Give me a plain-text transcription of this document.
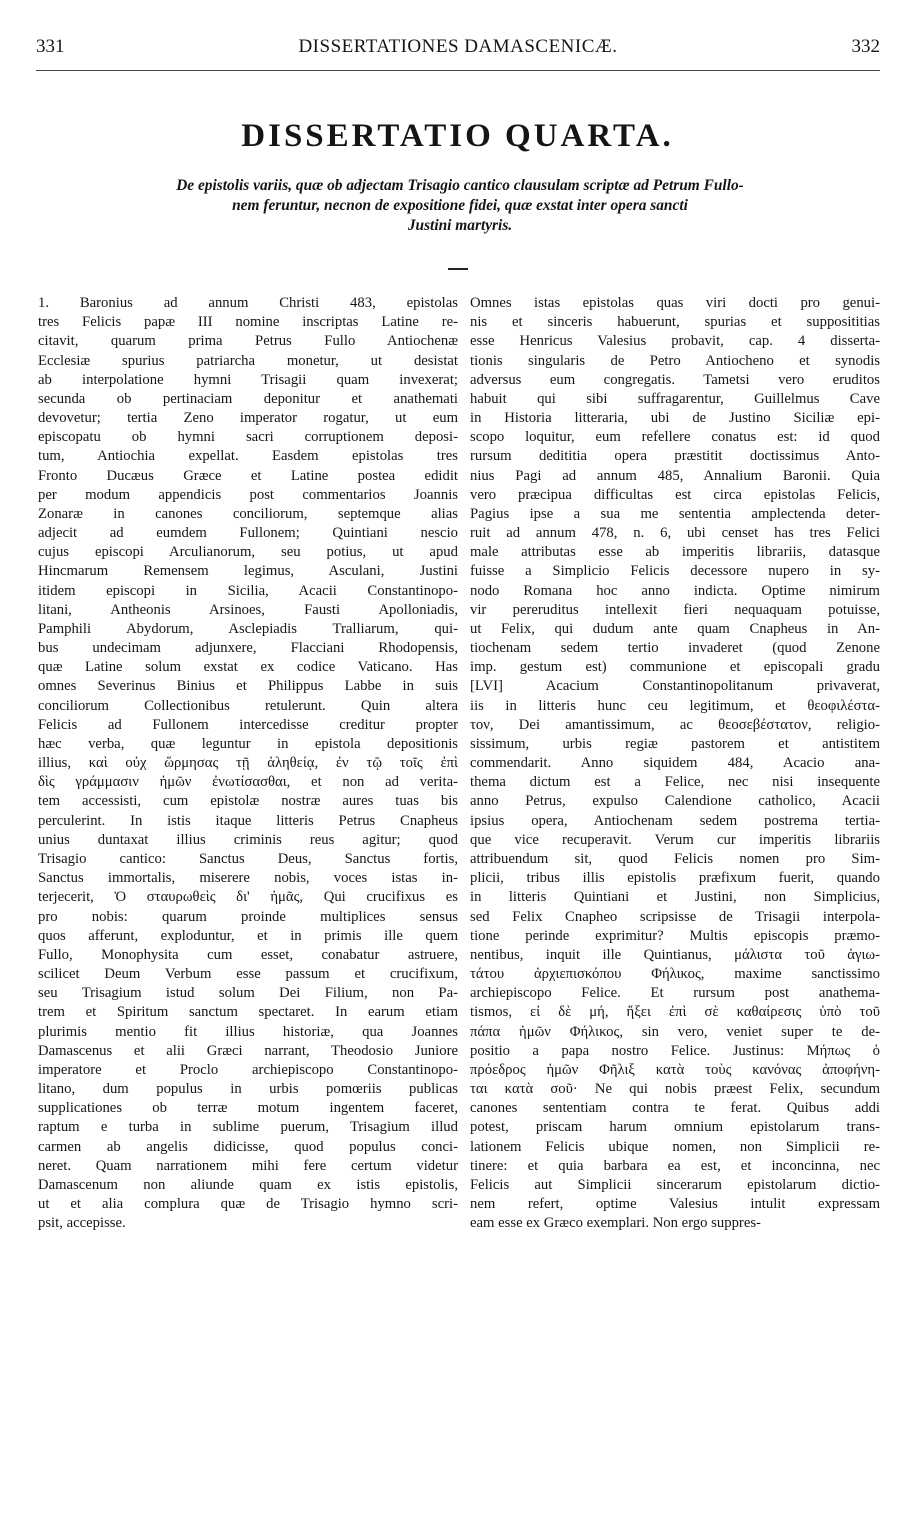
331	DISSERTATIONES DAMASCENICÆ.	332
DISSERTATIO QUARTA.
De epistolis variis, quæ ob adjectam Trisagio cantico clausulam scriptæ ad Petrum Fullo-
nem feruntur, necnon de expositione fidei, quæ exstat inter opera sancti
Justini martyris.
1. Baronius ad annum Christi 483, epistolas
tres Felicis papæ III nomine inscriptas Latine re-
citavit, quarum prima Petrus Fullo Antiochenæ
Ecclesiæ spurius patriarcha monetur, ut desistat
ab interpolatione hymni Trisagii quam invexerat;
secunda ob pertinaciam deponitur et anathemati
devovetur; tertia Zeno imperator rogatur, ut eum
episcopatu ob hymni sacri corruptionem deposi-
tum, Antiochia expellat. Easdem epistolas tres
Fronto Ducæus Græce et Latine postea edidit
per modum appendicis post commentarios Joannis
Zonaræ in canones conciliorum, septemque alias
adjecit ad eumdem Fullonem; Quintiani nescio
cujus episcopi Arculianorum, seu potius, ut apud
Hincmarum Remensem legimus, Asculani, Justini
itidem episcopi in Sicilia, Acacii Constantinopo-
litani, Antheonis Arsinoes, Fausti Apolloniadis,
Pamphili Abydorum, Asclepiadis Tralliarum, qui-
bus undecimam adjunxere, Flacciani Rhodopensis,
quæ Latine solum exstat ex codice Vaticano. Has
omnes Severinus Binius et Philippus Labbe in suis
conciliorum Collectionibus retulerunt. Quin altera
Felicis ad Fullonem intercedisse creditur propter
hæc verba, quæ leguntur in epistola depositionis
illius, καὶ οὐχ ὥρμησας τῇ ἀληθείᾳ, ἐν τῷ τοῖς ἐπὶ
δὶς γράμμασιν ἡμῶν ἐνωτίσασθαι, et non ad verita-
tem accessisti, cum epistolæ nostræ aures tuas bis
perculerint. In istis itaque litteris Petrus Cnapheus
unius duntaxat illius criminis reus agitur; quod
Trisagio cantico: Sanctus Deus, Sanctus fortis,
Sanctus immortalis, miserere nobis, voces istas in-
terjecerit, Ὁ σταυρωθεὶς δι' ἡμᾶς, Qui crucifixus es
pro nobis: quarum proinde multiplices sensus
quos afferunt, exploduntur, et in primis ille quem
Fullo, Monophysita cum esset, conabatur astruere,
scilicet Deum Verbum esse passum et crucifixum,
seu Trisagium istud solum Dei Filium, non Pa-
trem et Spiritum sanctum spectaret. In earum etiam
plurimis mentio fit illius historiæ, qua Joannes
Damascenus et alii Græci narrant, Theodosio Juniore
imperatore et Proclo archiepiscopo Constantinopo-
litano, dum populus in urbis pomœriis publicas
supplicationes ob terræ motum ingentem faceret,
raptum e turba in sublime puerum, Trisagium illud
carmen ab angelis didicisse, quod populus conci-
neret. Quam narrationem mihi fere certum videtur
Damascenum non aliunde quam ex istis epistolis,
ut et alia complura quæ de Trisagio hymno scri-
psit, accepisse.
Omnes istas epistolas quas viri docti pro genui-
nis et sinceris habuerunt, spurias et supposititias
esse Henricus Valesius probavit, cap. 4 disserta-
tionis singularis de Petro Antiocheno et synodis
adversus eum congregatis. Tametsi vero eruditos
habuit qui sibi suffragarentur, Guillelmus Cave
in Historia litteraria, ubi de Justino Siciliæ epi-
scopo loquitur, eum refellere conatus est: id quod
rursum dedititia opera præstitit doctissimus Anto-
nius Pagi ad annum 485, Annalium Baronii. Quia
vero præcipua difficultas est circa epistolas Felicis,
Pagius ipse a sua me sententia amplectenda deter-
ruit ad annum 478, n. 6, ubi censet has tres Felici
male attributas esse ab imperitis librariis, datasque
fuisse a Simplicio Felicis decessore nupero in sy-
nodo Romana hoc anno indicta. Optime nimirum
vir pereruditus intellexit fieri nequaquam potuisse,
ut Felix, qui dudum ante quam Cnapheus in An-
tiochenam sedem tertio invaderet (quod Zenone
imp. gestum est) communione et episcopali gradu
[LVI] Acacium Constantinopolitanum privaverat,
iis in litteris hunc ceu legitimum, et θεοφιλέστα-
τον, Dei amantissimum, ac θεοσεβέστατον, religio-
sissimum, urbis regiæ pastorem et antistitem
commendarit. Anno siquidem 484, Acacio ana-
thema dictum est a Felice, nec nisi insequente
anno Petrus, expulso Calendione catholico, Acacii
ipsius opera, Antiochenam sedem postrema tertia-
que vice recuperavit. Verum cur imperitis librariis
attribuendum sit, quod Felicis nomen pro Sim-
plicii, tribus illis epistolis præfixum fuerit, quando
in litteris Quintiani et Justini, non Simplicius,
sed Felix Cnapheo scripsisse de Trisagii interpola-
tione perinde exprimitur? Multis episcopis præmo-
nentibus, inquit ille Quintianus, μάλιστα τοῦ ἁγιω-
τάτου ἀρχιεπισκόπου Φήλικος, maxime sanctissimo
archiepiscopo Felice. Et rursum post anathema-
tismos, εἰ δὲ μή, ἥξει ἐπὶ σὲ καθαίρεσις ὑπὸ τοῦ
πάπα ἡμῶν Φήλικος, sin vero, veniet super te de-
positio a papa nostro Felice. Justinus: Μήπως ὁ
πρόεδρος ἡμῶν Φῆλιξ κατὰ τοὺς κανόνας ἀποφήνη-
ται κατὰ σοῦ· Ne qui nobis præest Felix, secundum
canones sententiam contra te ferat. Quibus addi
potest, priscam harum omnium epistolarum trans-
lationem Felicis ubique nomen, non Simplicii re-
tinere: et quia barbara ea est, et inconcinna, nec
Felicis aut Simplicii sincerarum epistolarum dictio-
nem refert, optime Valesius intulit expressam
eam esse ex Græco exemplari. Non ergo suppres-
